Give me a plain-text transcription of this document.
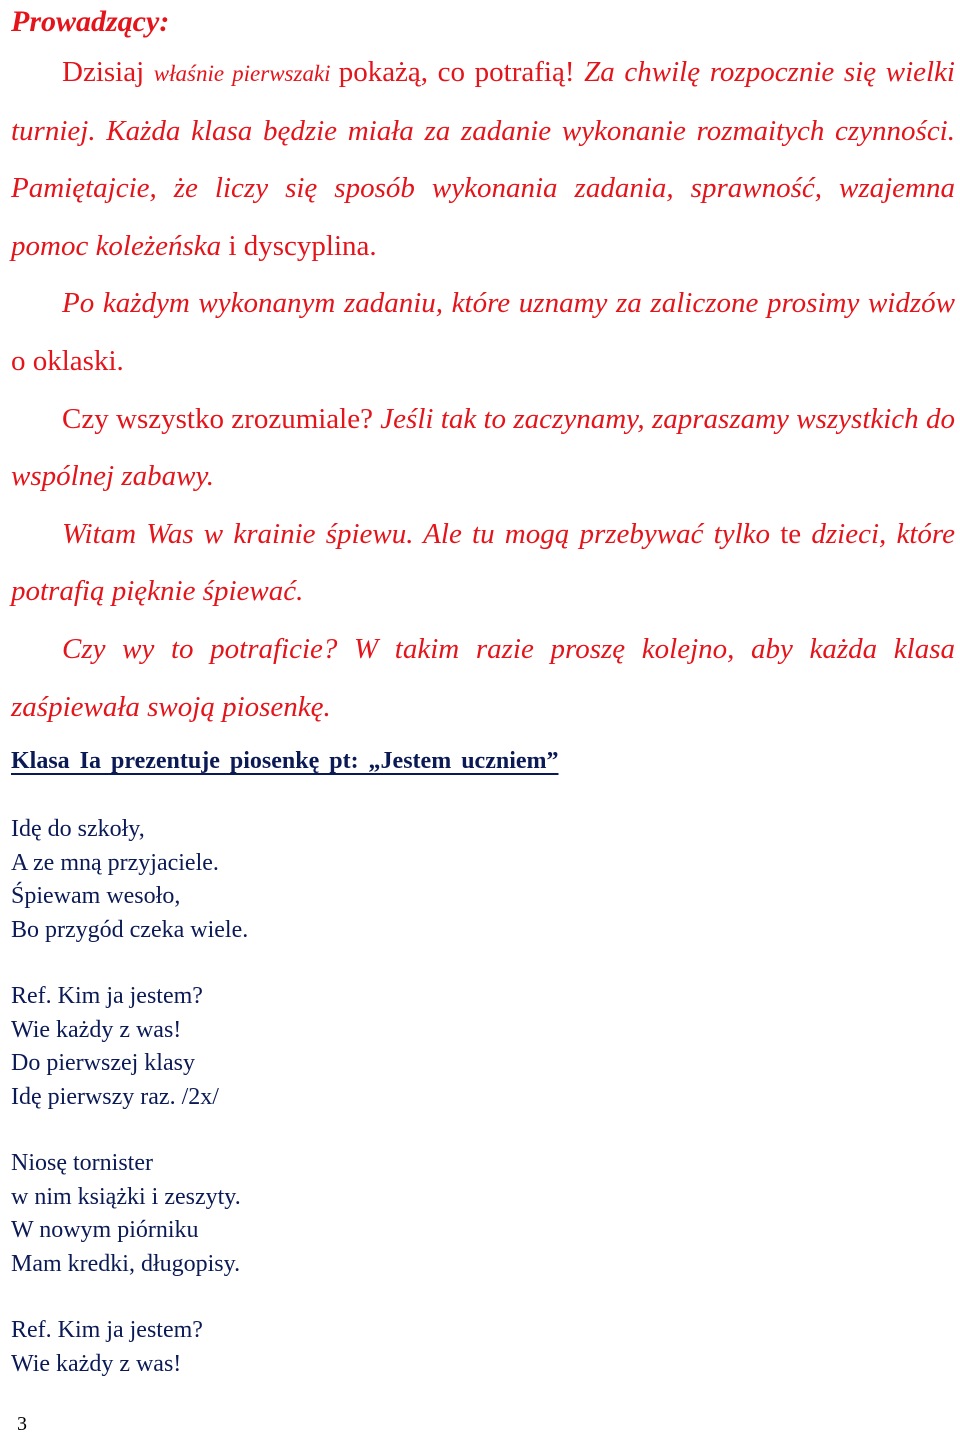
Prowadzący:

Dzisiaj właśnie pierwszaki pokażą, co potrafią! Za chwilę rozpocznie się wielki turniej. Każda klasa będzie miała za zadanie wykonanie rozmaitych czynności. Pamiętajcie, że liczy się sposób wykonania zadania, sprawność, wzajemna pomoc koleżeńska i dyscyplina.

Po każdym wykonanym zadaniu, które uznamy za zaliczone prosimy widzów o oklaski.

Czy wszystko zrozumiale? Jeśli tak to zaczynamy, zapraszamy wszystkich do wspólnej zabawy.

Witam Was w krainie śpiewu. Ale tu mogą przebywać tylko te dzieci, które potrafią pięknie śpiewać.

Czy wy to potraficie? W takim razie proszę kolejno, aby każda klasa zaśpiewała swoją piosenkę.

Klasa Ia prezentuje piosenkę pt: „Jestem uczniem”
Idę do szkoły,
A ze mną przyjaciele.
Śpiewam wesoło,
Bo przygód czeka wiele.
Ref. Kim ja jestem?
Wie każdy z was!
Do pierwszej klasy
Idę pierwszy raz. /2x/
Niosę tornister
w nim książki i zeszyty.
W nowym piórniku
Mam kredki, długopisy.
Ref. Kim ja jestem?
Wie każdy z was!
3
